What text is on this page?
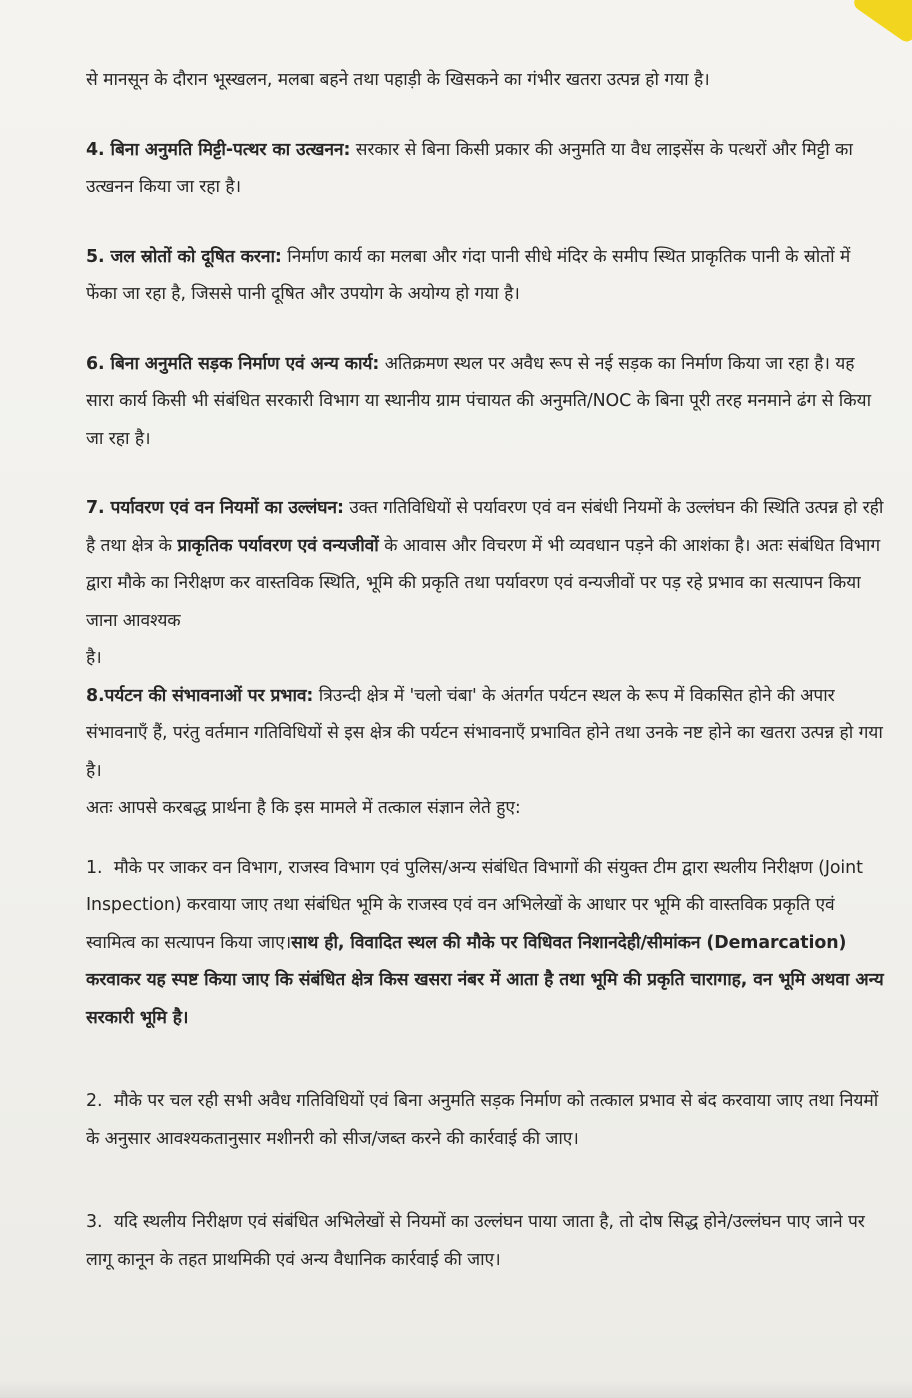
से मानसून के दौरान भूस्खलन, मलबा बहने तथा पहाड़ी के खिसकने का गंभीर खतरा उत्पन्न हो गया है।

4. बिना अनुमति मिट्टी-पत्थर का उत्खनन: सरकार से बिना किसी प्रकार की अनुमति या वैध लाइसेंस के पत्थरों और मिट्टी का उत्खनन किया जा रहा है।

5. जल स्रोतों को दूषित करना: निर्माण कार्य का मलबा और गंदा पानी सीधे मंदिर के समीप स्थित प्राकृतिक पानी के स्रोतों में फेंका जा रहा है, जिससे पानी दूषित और उपयोग के अयोग्य हो गया है।

6. बिना अनुमति सड़क निर्माण एवं अन्य कार्य: अतिक्रमण स्थल पर अवैध रूप से नई सड़क का निर्माण किया जा रहा है। यह सारा कार्य किसी भी संबंधित सरकारी विभाग या स्थानीय ग्राम पंचायत की अनुमति/NOC के बिना पूरी तरह मनमाने ढंग से किया जा रहा है।

7. पर्यावरण एवं वन नियमों का उल्लंघन: उक्त गतिविधियों से पर्यावरण एवं वन संबंधी नियमों के उल्लंघन की स्थिति उत्पन्न हो रही है तथा क्षेत्र के प्राकृतिक पर्यावरण एवं वन्यजीवों के आवास और विचरण में भी व्यवधान पड़ने की आशंका है। अतः संबंधित विभाग द्वारा मौके का निरीक्षण कर वास्तविक स्थिति, भूमि की प्रकृति तथा पर्यावरण एवं वन्यजीवों पर पड़ रहे प्रभाव का सत्यापन किया जाना आवश्यक

है।

8.पर्यटन की संभावनाओं पर प्रभाव: त्रिउन्दी क्षेत्र में 'चलो चंबा' के अंतर्गत पर्यटन स्थल के रूप में विकसित होने की अपार संभावनाएँ हैं, परंतु वर्तमान गतिविधियों से इस क्षेत्र की पर्यटन संभावनाएँ प्रभावित होने तथा उनके नष्ट होने का खतरा उत्पन्न हो गया

है।

अतः आपसे करबद्ध प्रार्थना है कि इस मामले में तत्काल संज्ञान लेते हुए:

1. मौके पर जाकर वन विभाग, राजस्व विभाग एवं पुलिस/अन्य संबंधित विभागों की संयुक्त टीम द्वारा स्थलीय निरीक्षण (Joint Inspection) करवाया जाए तथा संबंधित भूमि के राजस्व एवं वन अभिलेखों के आधार पर भूमि की वास्तविक प्रकृति एवं स्वामित्व का सत्यापन किया जाए।साथ ही, विवादित स्थल की मौके पर विधिवत निशानदेही/सीमांकन (Demarcation) करवाकर यह स्पष्ट किया जाए कि संबंधित क्षेत्र किस खसरा नंबर में आता है तथा भूमि की प्रकृति चारागाह, वन भूमि अथवा अन्य सरकारी भूमि है।

2. मौके पर चल रही सभी अवैध गतिविधियों एवं बिना अनुमति सड़क निर्माण को तत्काल प्रभाव से बंद करवाया जाए तथा नियमों के अनुसार आवश्यकतानुसार मशीनरी को सीज/जब्त करने की कार्रवाई की जाए।

3. यदि स्थलीय निरीक्षण एवं संबंधित अभिलेखों से नियमों का उल्लंघन पाया जाता है, तो दोष सिद्ध होने/उल्लंघन पाए जाने पर लागू कानून के तहत प्राथमिकी एवं अन्य वैधानिक कार्रवाई की जाए।
